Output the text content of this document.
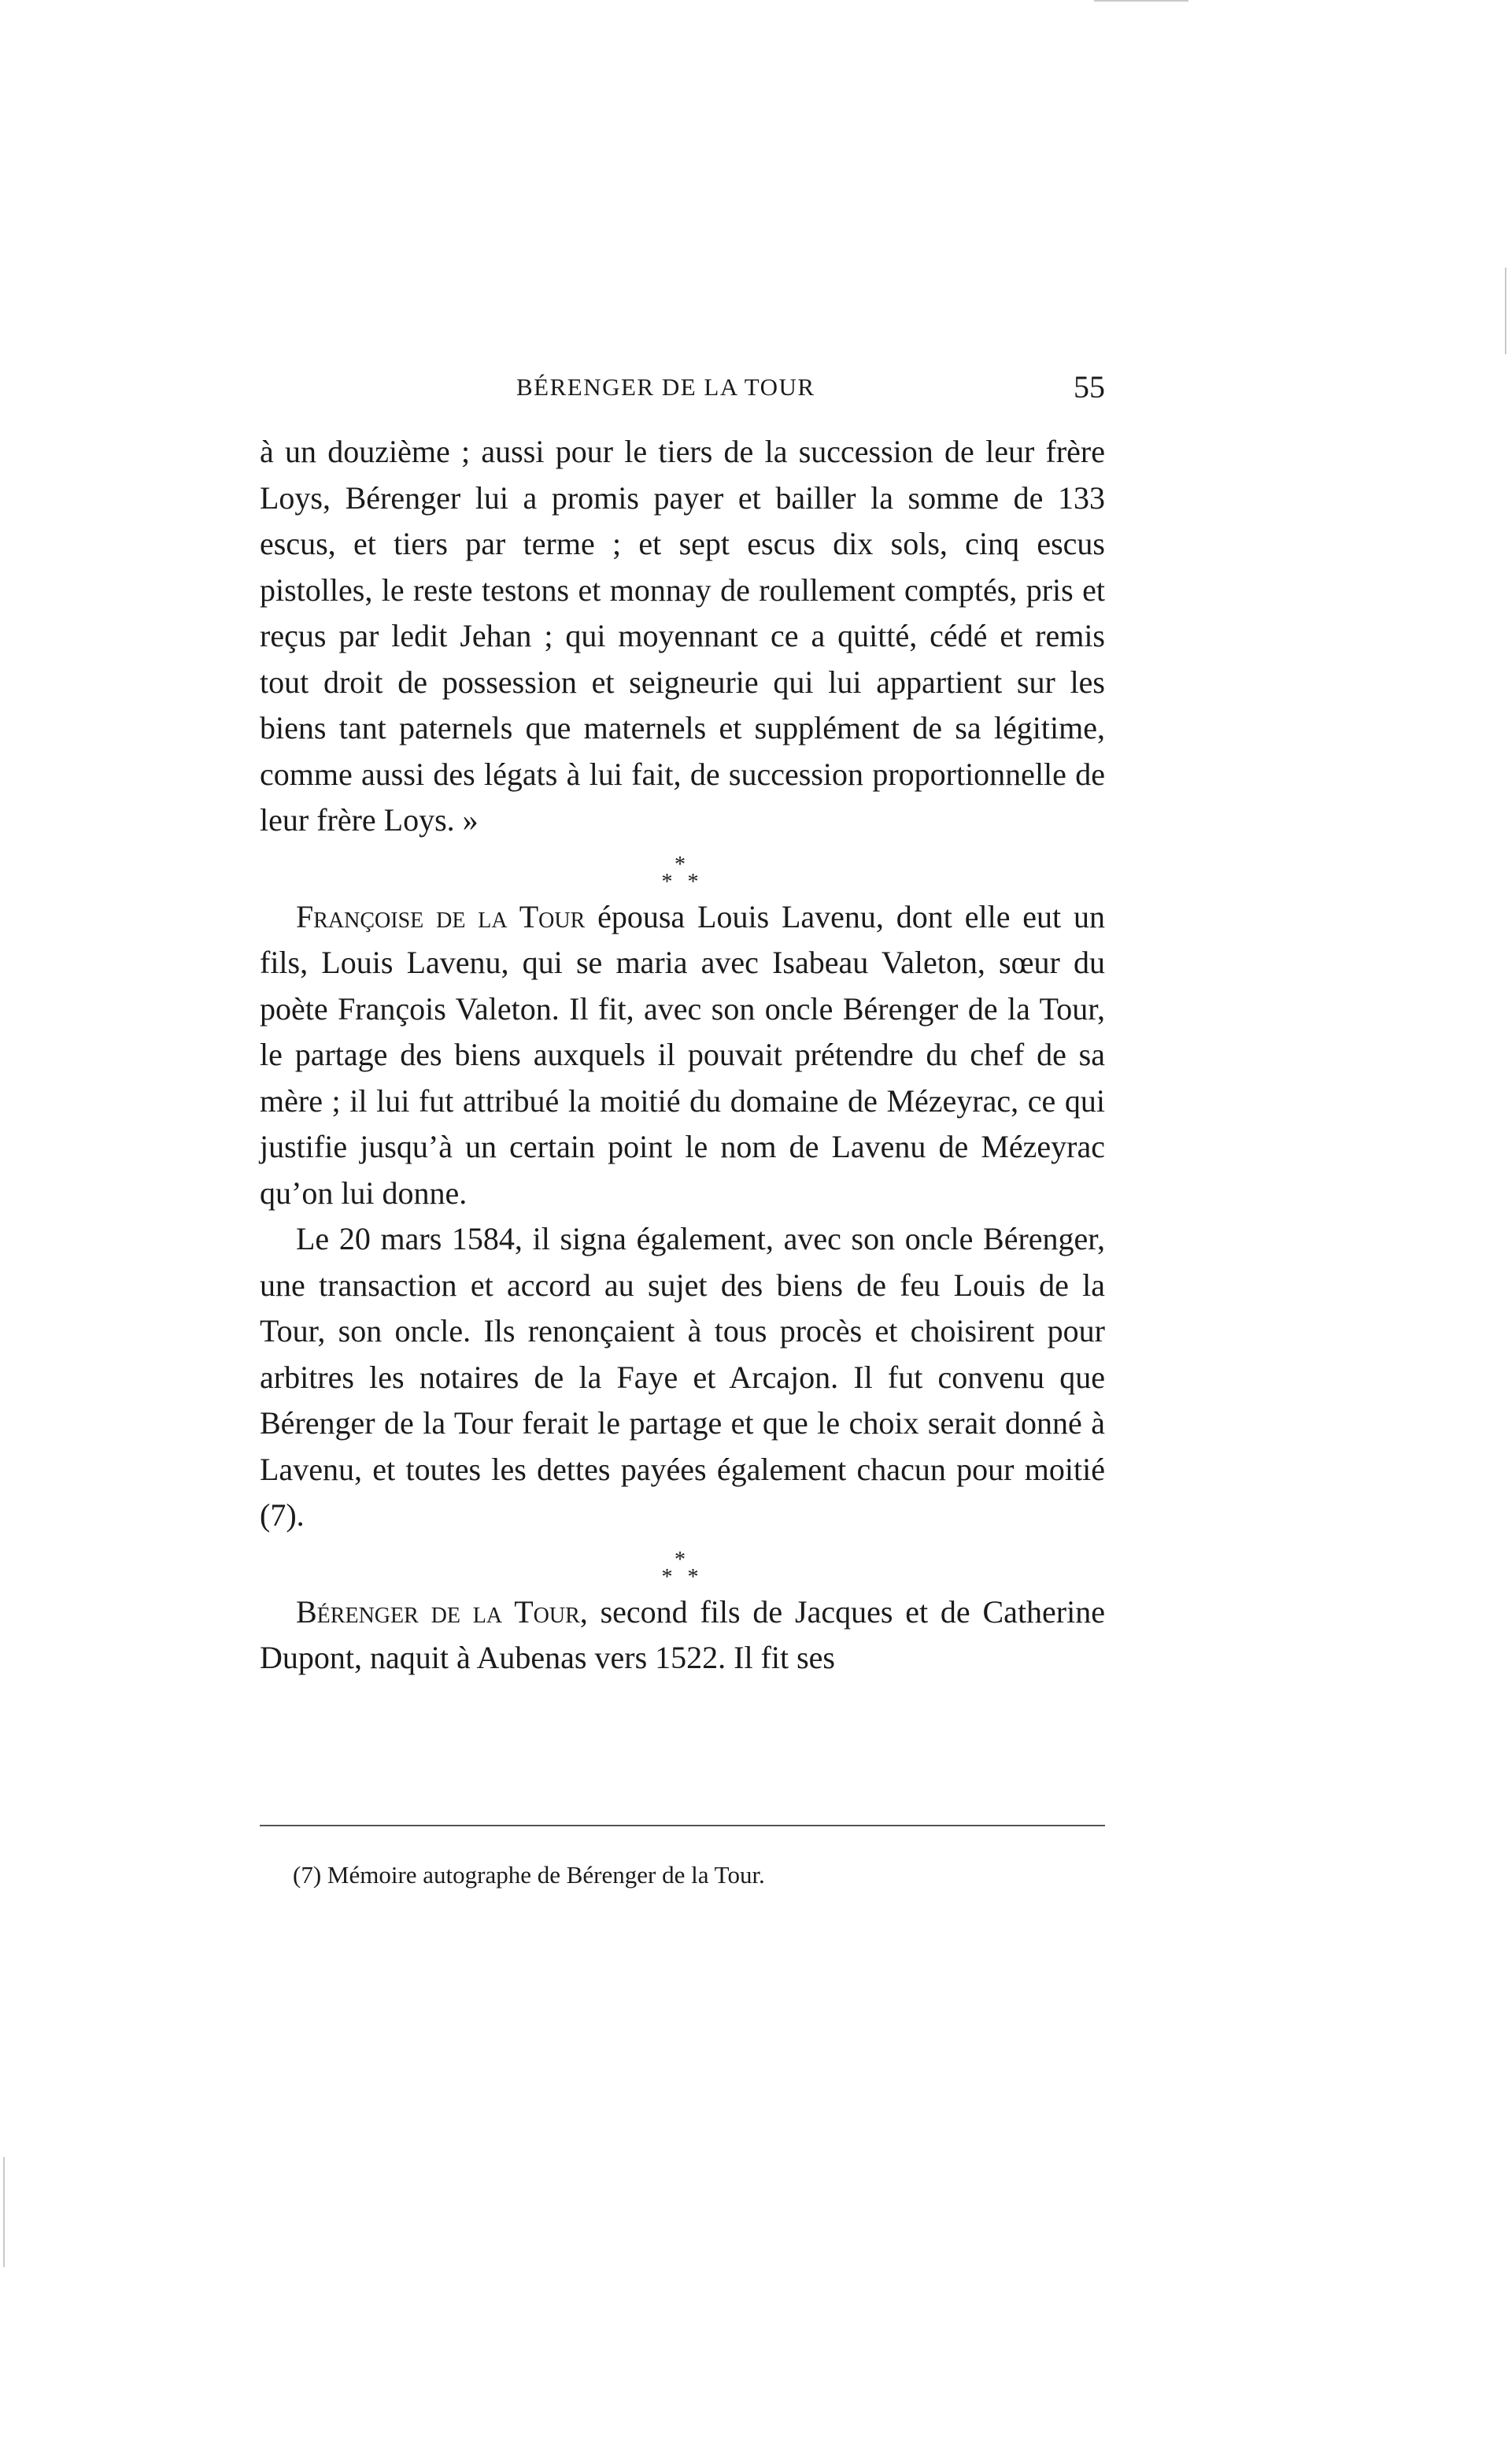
BÉRENGER DE LA TOUR	55

à un douzième ; aussi pour le tiers de la succession de leur frère Loys, Bérenger lui a promis payer et bailler la somme de 133 escus, et tiers par terme ; et sept escus dix sols, cinq escus pistolles, le reste testons et monnay de roullement comptés, pris et reçus par ledit Jehan ; qui moyennant ce a quitté, cédé et remis tout droit de possession et seigneurie qui lui appartient sur les biens tant paternels que maternels et supplément de sa légitime, comme aussi des légats à lui fait, de succession proportionnelle de leur frère Loys. »

*
* *

Françoise de la Tour épousa Louis Lavenu, dont elle eut un fils, Louis Lavenu, qui se maria avec Isabeau Valeton, sœur du poète François Valeton. Il fit, avec son oncle Bérenger de la Tour, le partage des biens auxquels il pouvait prétendre du chef de sa mère ; il lui fut attribué la moitié du domaine de Mézeyrac, ce qui justifie jusqu’à un certain point le nom de Lavenu de Mézeyrac qu’on lui donne.

Le 20 mars 1584, il signa également, avec son oncle Bérenger, une transaction et accord au sujet des biens de feu Louis de la Tour, son oncle. Ils renonçaient à tous procès et choisirent pour arbitres les notaires de la Faye et Arcajon. Il fut convenu que Bérenger de la Tour ferait le partage et que le choix serait donné à Lavenu, et toutes les dettes payées également chacun pour moitié (7).

*
* *

Bérenger de la Tour, second fils de Jacques et de Catherine Dupont, naquit à Aubenas vers 1522. Il fit ses

(7) Mémoire autographe de Bérenger de la Tour.
